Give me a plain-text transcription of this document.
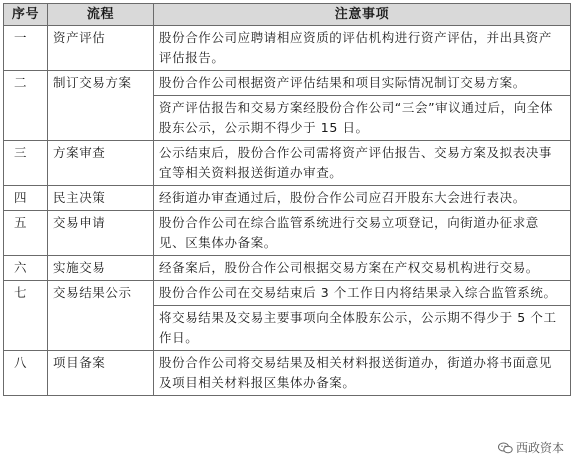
序号	流程	注意事项
一	资产评估	股份合作公司应聘请相应资质的评估机构进行资产评估，并出具资产评估报告。
二	制订交易方案	股份合作公司根据资产评估结果和项目实际情况制订交易方案。
		资产评估报告和交易方案经股份合作公司“三会”审议通过后，向全体股东公示，公示期不得少于 15 日。
三	方案审查	公示结束后，股份合作公司需将资产评估报告、交易方案及拟表决事宜等相关资料报送街道办审查。
四	民主决策	经街道办审查通过后，股份合作公司应召开股东大会进行表决。
五	交易申请	股份合作公司在综合监管系统进行交易立项登记，向街道办征求意见、区集体办备案。
六	实施交易	经备案后，股份合作公司根据交易方案在产权交易机构进行交易。
七	交易结果公示	股份合作公司在交易结束后 3 个工作日内将结果录入综合监管系统。
		将交易结果及交易主要事项向全体股东公示，公示期不得少于 5 个工作日。
八	项目备案	股份合作公司将交易结果及相关材料报送街道办，街道办将书面意见及项目相关材料报区集体办备案。
西政资本
